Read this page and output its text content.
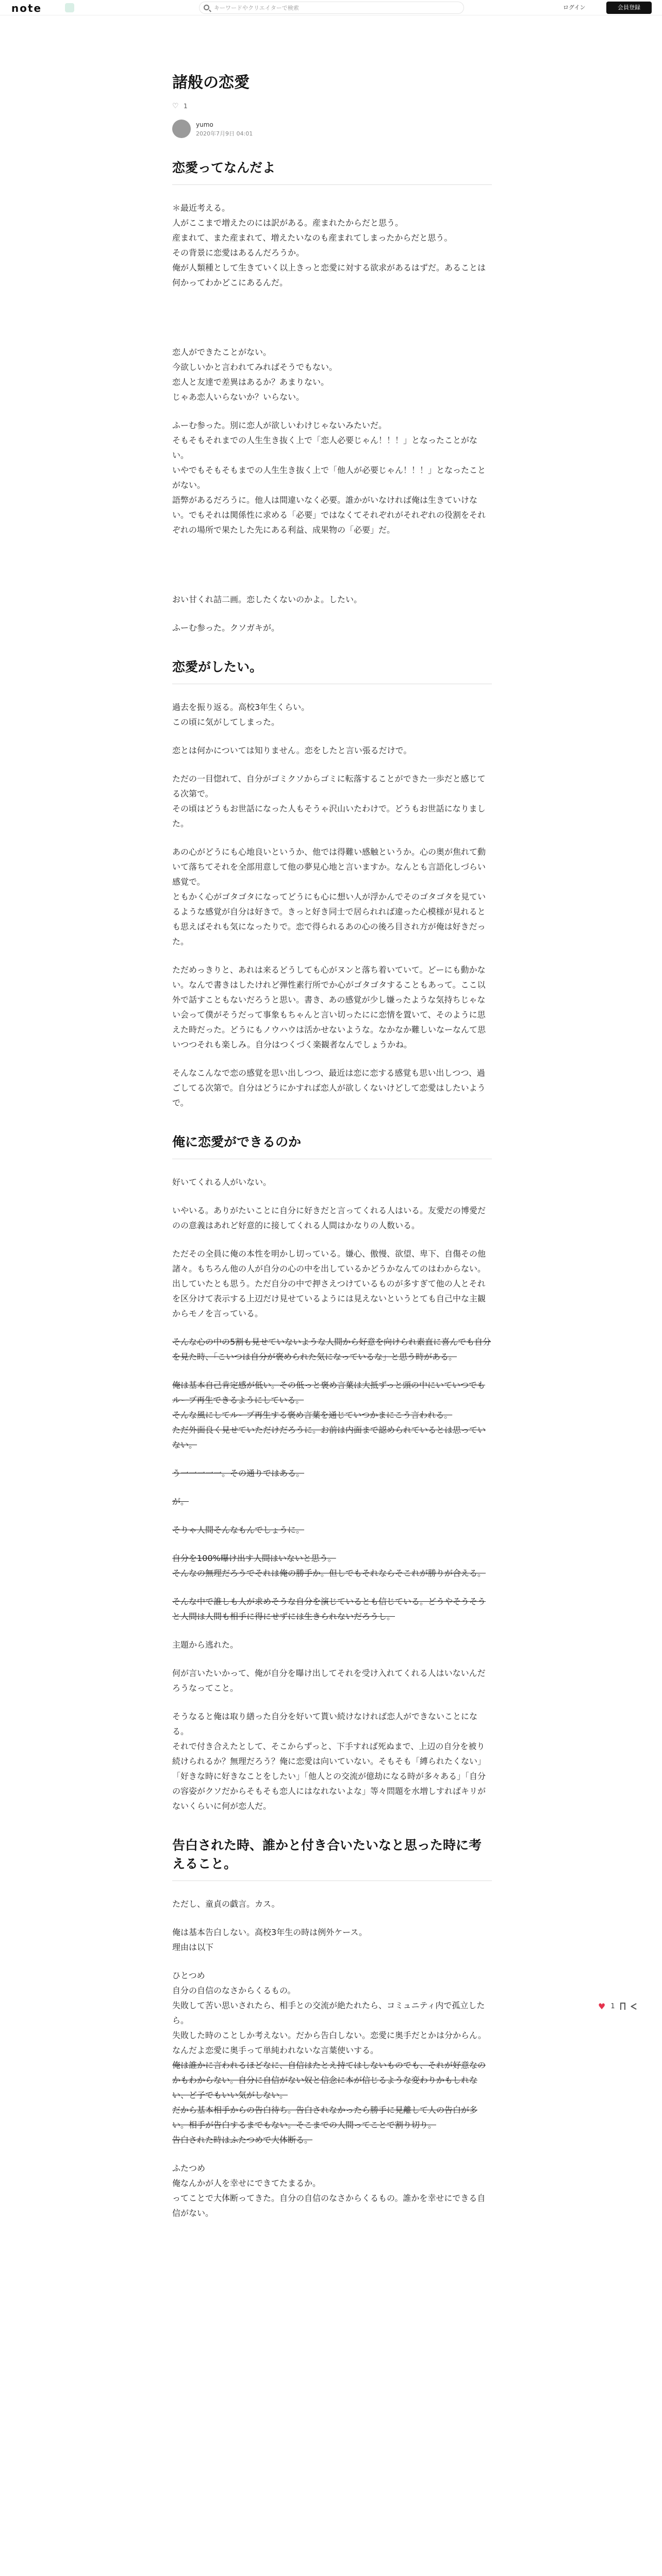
note
キーワードやクリエイターで検索	ログイン	会員登録
諸般の恋愛
♡ 1
yumo
2020年7月9日 04:01
恋愛ってなんだよ

＊最近考える。
人がここまで増えたのには訳がある。産まれたからだと思う。
産まれて、また産まれて、増えたいなのも産まれてしまったからだと思う。
その背景に恋愛はあるんだろうか。
俺が人類種として生きていく以上きっと恋愛に対する欲求があるはずだ。あることは何かってわかどこにあるんだ。

恋人ができたことがない。
今欲しいかと言われてみればそうでもない。
恋人と友達で差異はあるか？あまりない。
じゃあ恋人いらないか？いらない。

ふーむ参った。別に恋人が欲しいわけじゃないみたいだ。
そもそもそれまでの人生生き抜く上で「恋人必要じゃん！！！」となったことがない。
いやでもそもそもまでの人生生き抜く上で「他人が必要じゃん！！！」となったことがない。
語弊があるだろうに。他人は間違いなく必要。誰かがいなければ俺は生きていけない。でもそれは関係性に求める「必要」ではなくてそれぞれがそれぞれの役割をそれぞれの場所で果たした先にある利益、成果物の「必要」だ。

おい甘くれ詰二画。恋したくないのかよ。したい。

ふーむ参った。クソガキが。

恋愛がしたい。

過去を振り返る。高校3年生くらい。
この頃に気がしてしまった。

恋とは何かについては知りません。恋をしたと言い張るだけで。

ただの一目惚れて、自分がゴミクソからゴミに転落することができた一歩だと感じてる次第で。
その頃はどうもお世話になった人もそうゃ沢山いたわけで。どうもお世話になりました。

あの心がどうにも心地良いというか、他では得難い感触というか。心の奥が焦れて動いて落ちてそれを全部用意して他の夢見心地と言いますか。なんとも言語化しづらい感覚で。
ともかく心がゴタゴタになってどうにも心に想い人が浮かんでそのゴタゴタを見ているような感覚が自分は好きで。きっと好き同士で居られれば違った心模様が見れるとも思えばそれも気になったりで。恋で得られるあの心の後ろ目され方が俺は好きだった。

ただめっきりと、あれは来るどうしても心がヌンと落ち着いていて。どーにも動かない。なんで書きはしたけれど弾性素行所でか心がゴタゴタすることもあって。ここ以外で話すこともないだろうと思い。書き、あの感覚が少し嫌ったような気持ちじゃない会って僕がそうだって事象もちゃんと言い切ったにに恋情を置いて、そのように思えた時だった。どうにもノウハウは活かせないような。なかなか難しいなーなんて思いつつそれも楽しみ。自分はつくづく楽観者なんでしょうかね。

そんなこんなで恋の感覚を思い出しつつ、最近は恋に恋する感覚も思い出しつつ、過ごしてる次第で。自分はどうにかすれば恋人が欲しくないけどして恋愛はしたいようで。

俺に恋愛ができるのか

好いてくれる人がいない。

いやいる。ありがたいことに自分に好きだと言ってくれる人はいる。友愛だの博愛だのの意義はあれど好意的に接してくれる人間はかなりの人数いる。

ただその全員に俺の本性を明かし切っている。嫌心、傲慢、欲望、卑下、自傷その他諸々。もちろん他の人が自分の心の中を出しているかどうかなんてのはわからない。出していたとも思う。ただ自分の中で押さえつけているものが多すぎて他の人とそれを区分けて表示する上辺だけ見せているようには見えないというとても自己中な主観からモノを言っている。

そんな心の中の5割も見せていないような人間から好意を向けられ素直に喜んでも自分を見た時、「こいつは自分が褒められた気になっているな」と思う時がある。

俺は基本自己肯定感が低い。その低っと褒め言葉は大抵ずっと頭の中にいていつでもループ再生できるようにしている。
そんな風にしてループ再生する褒め言葉を通じていつかまにこう言われる。
ただ外面良く見せていただけだろうに。お前は内面まで認められているとは思っていない。

う一一一一一。その通りではある。

が。

そりゃ人間そんなもんでしょうに。

自分を100%曝け出す人間はいないと思う。
そんなの無理だろうでそれは俺の勝手か。但しでもそれならそこれが勝りが合える。

そんな中で誰しも人が求めそうな自分を演じているとも信じている。どうやそうそうと人間は人間も相手に得にせずには生きられないだろうし。

主題から逃れた。

何が言いたいかって、俺が自分を曝け出してそれを受け入れてくれる人はいないんだろうなってこと。

そうなると俺は取り繕った自分を好いて貰い続けなければ恋人ができないことになる。
それで付き合えたとして、そこからずっと、下手すれば死ぬまで、上辺の自分を被り続けられるか？無理だろう？俺に恋愛は向いていない。そもそも「縛られたくない」「好きな時に好きなことをしたい」「他人との交流が億劫になる時が多々ある」「自分の容姿がクソだからそもそも恋人にはなれないよな」等々問題を水増しすればキリがないくらいに何が恋人だ。

告白された時、誰かと付き合いたいなと思った時に考えること。

ただし、童貞の戯言。カス。

俺は基本告白しない。高校3年生の時は例外ケース。
理由は以下

ひとつめ
自分の自信のなさからくるもの。
失敗して苦い思いされたら、相手との交流が絶たれたら、コミュニティ内で孤立したら。
失敗した時のことしか考えない。だから告白しない。恋愛に奥手だとかは分からん。なんだよ恋愛に奥手って単純われないな言葉使いする。
俺は誰かに言われるほどなに、自信はたとえ持てはしないものでも、それが好意なのかもわからない。自分に自信がない奴と信念に本が信じるような変わりかもしれない、ど子でもいい気がしない。
だから基本相手からの告白待ち。告白されなかったら勝手に見離して人の告白が多い。相手が告白するまでもない。そこまでの人間ってことで割り切り。
告白された時はふたつめで大体断る。

ふたつめ
俺なんかが人を幸せにできてたまるか。
ってことで大体断ってきた。自分の自信のなさからくるもの。誰かを幸せにできる自信がない。

♥ 1
